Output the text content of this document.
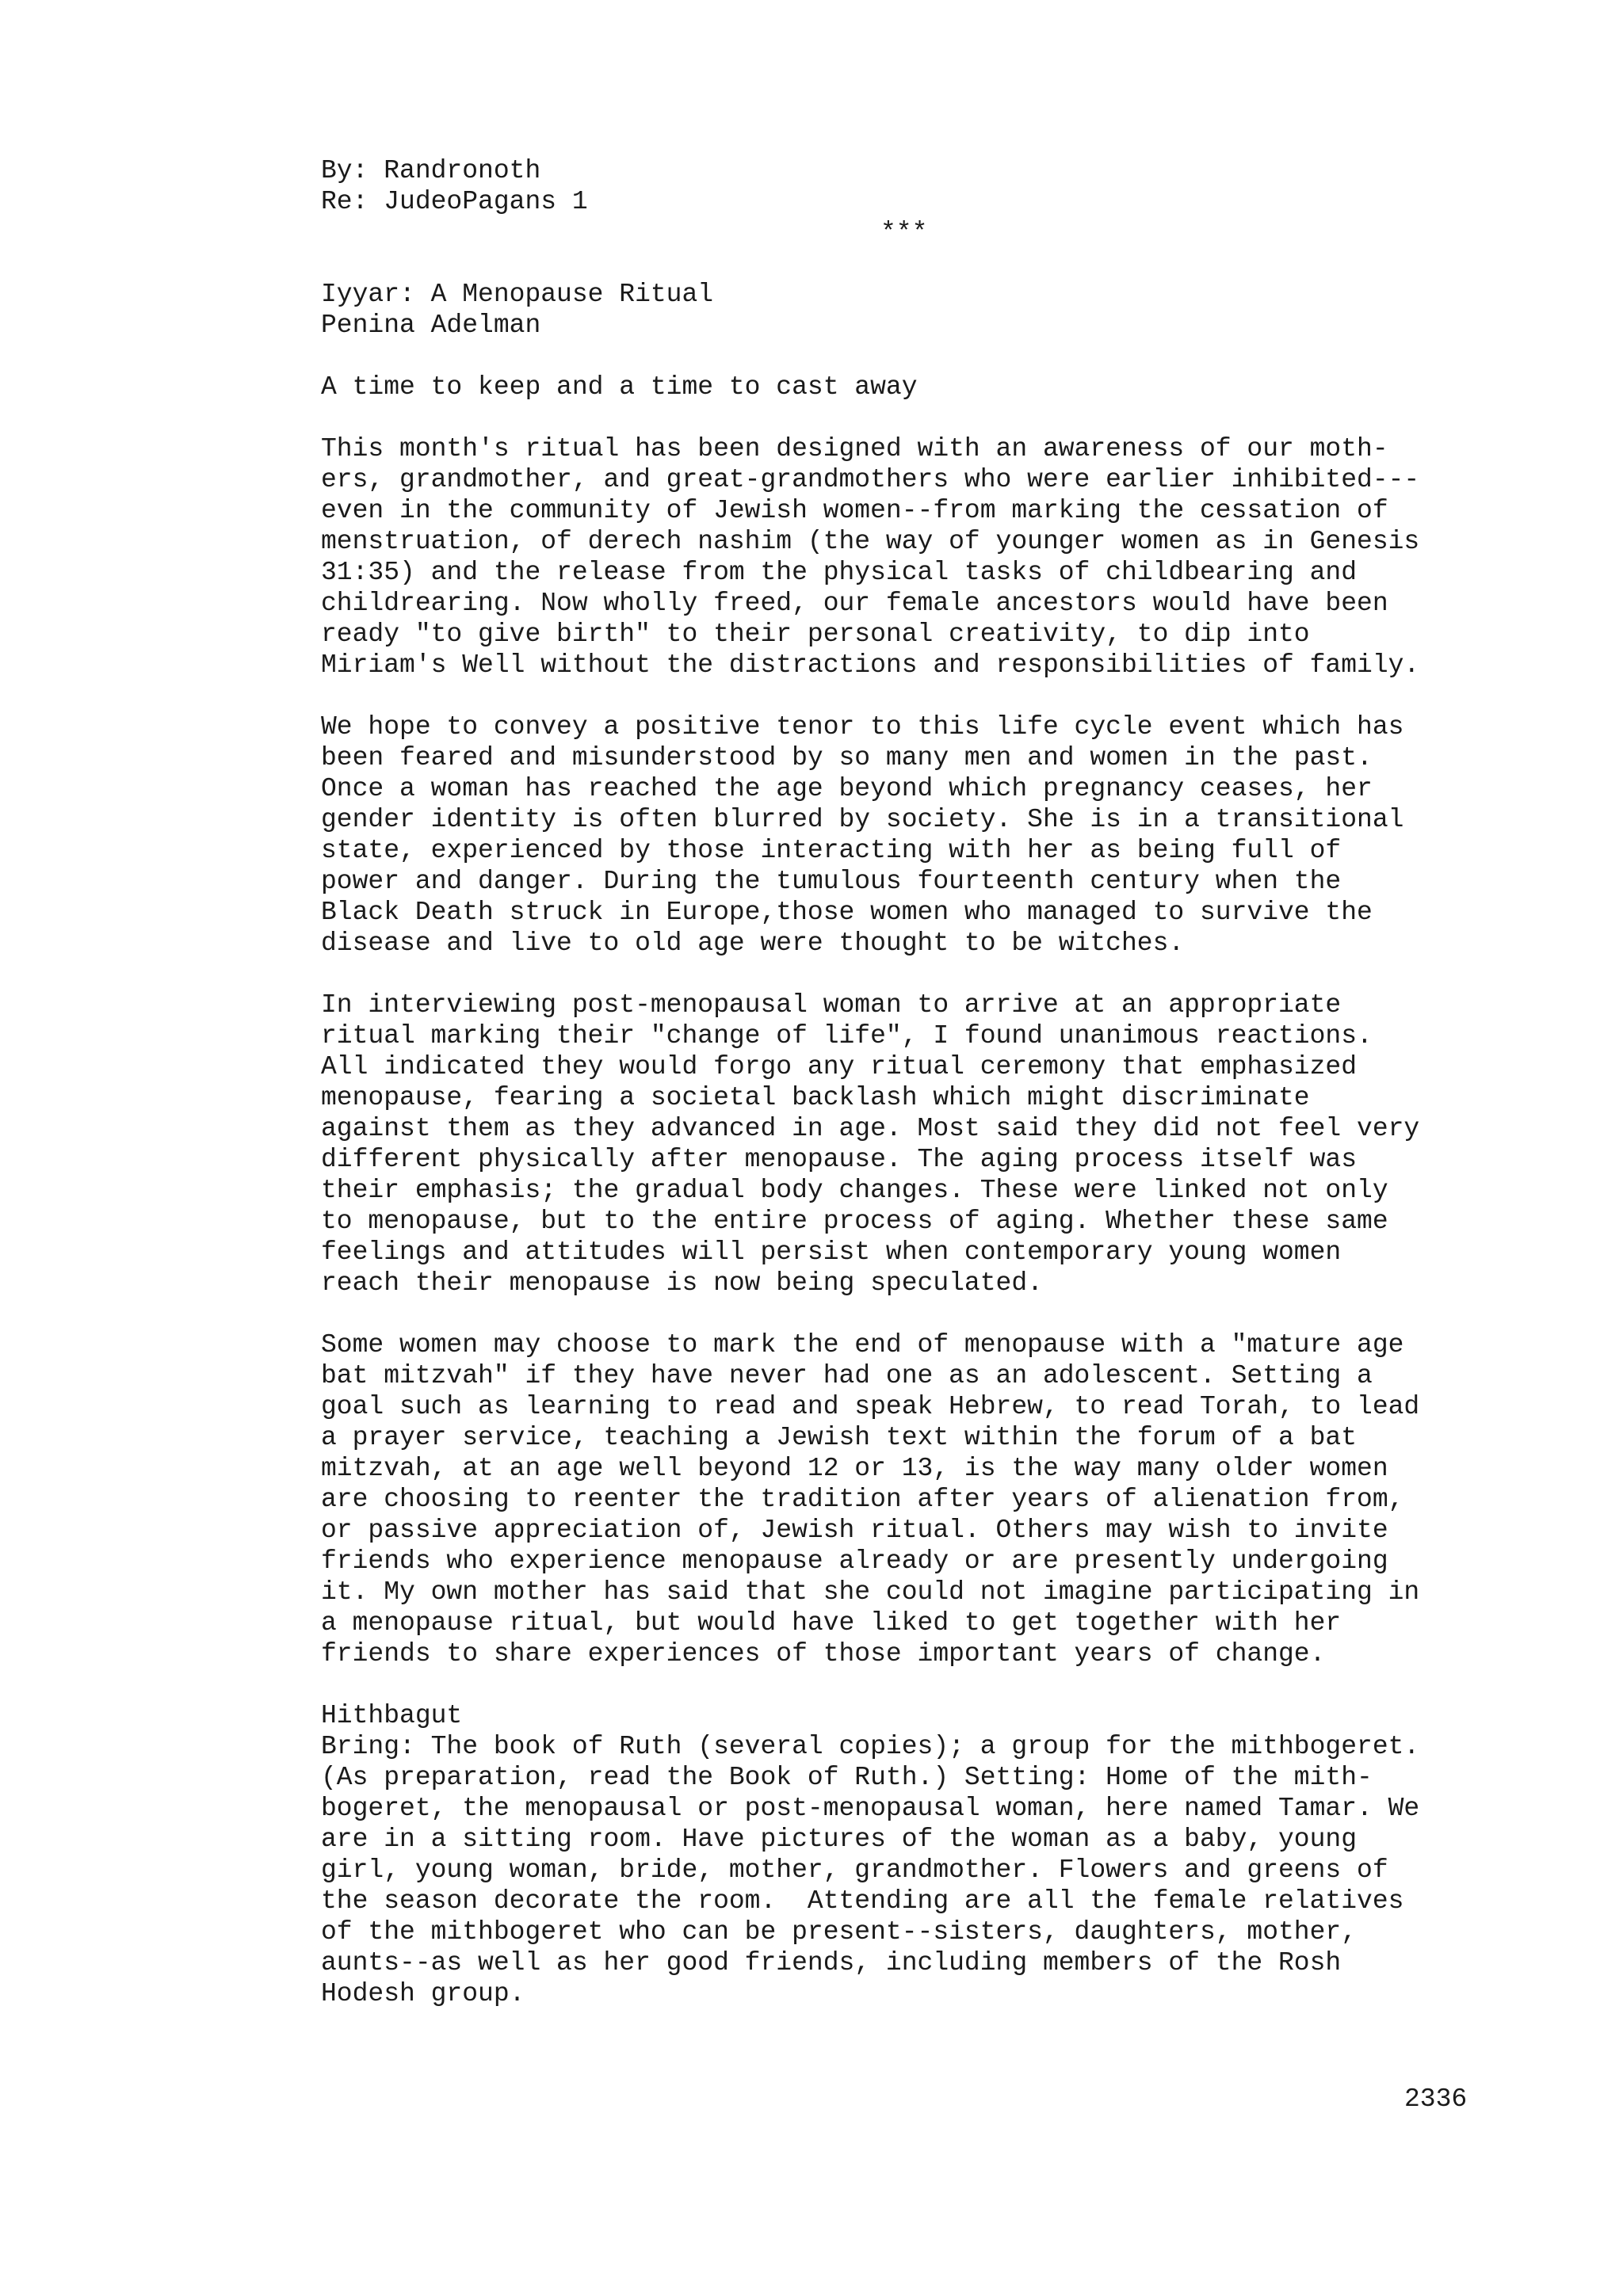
By: Randronoth
Re: JudeoPagans 1
***
Iyyar: A Menopause Ritual
Penina Adelman
A time to keep and a time to cast away
This month's ritual has been designed with an awareness of our moth-
ers, grandmother, and great-grandmothers who were earlier inhibited---
even in the community of Jewish women--from marking the cessation of
menstruation, of derech nashim (the way of younger women as in Genesis
31:35) and the release from the physical tasks of childbearing and
childrearing. Now wholly freed, our female ancestors would have been
ready "to give birth" to their personal creativity, to dip into
Miriam's Well without the distractions and responsibilities of family.
We hope to convey a positive tenor to this life cycle event which has
been feared and misunderstood by so many men and women in the past.
Once a woman has reached the age beyond which pregnancy ceases, her
gender identity is often blurred by society. She is in a transitional
state, experienced by those interacting with her as being full of
power and danger. During the tumulous fourteenth century when the
Black Death struck in Europe,those women who managed to survive the
disease and live to old age were thought to be witches.
In interviewing post-menopausal woman to arrive at an appropriate
ritual marking their "change of life", I found unanimous reactions.
All indicated they would forgo any ritual ceremony that emphasized
menopause, fearing a societal backlash which might discriminate
against them as they advanced in age. Most said they did not feel very
different physically after menopause. The aging process itself was
their emphasis; the gradual body changes. These were linked not only
to menopause, but to the entire process of aging. Whether these same
feelings and attitudes will persist when contemporary young women
reach their menopause is now being speculated.
Some women may choose to mark the end of menopause with a "mature age
bat mitzvah" if they have never had one as an adolescent. Setting a
goal such as learning to read and speak Hebrew, to read Torah, to lead
a prayer service, teaching a Jewish text within the forum of a bat
mitzvah, at an age well beyond 12 or 13, is the way many older women
are choosing to reenter the tradition after years of alienation from,
or passive appreciation of, Jewish ritual. Others may wish to invite
friends who experience menopause already or are presently undergoing
it. My own mother has said that she could not imagine participating in
a menopause ritual, but would have liked to get together with her
friends to share experiences of those important years of change.
Hithbagut
Bring: The book of Ruth (several copies); a group for the mithbogeret.
(As preparation, read the Book of Ruth.) Setting: Home of the mith-
bogeret, the menopausal or post-menopausal woman, here named Tamar. We
are in a sitting room. Have pictures of the woman as a baby, young
girl, young woman, bride, mother, grandmother. Flowers and greens of
the season decorate the room.  Attending are all the female relatives
of the mithbogeret who can be present--sisters, daughters, mother,
aunts--as well as her good friends, including members of the Rosh
Hodesh group.
2336
